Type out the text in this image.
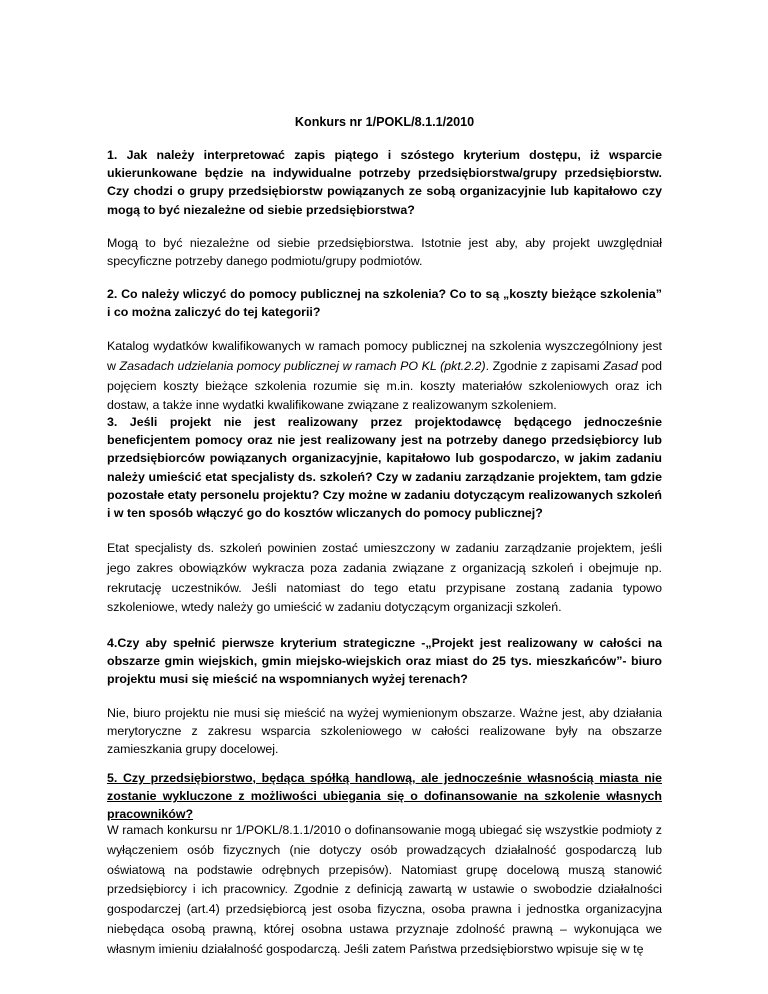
Konkurs nr 1/POKL/8.1.1/2010
1. Jak należy interpretować zapis piątego i szóstego kryterium dostępu, iż wsparcie ukierunkowane będzie na indywidualne potrzeby przedsiębiorstwa/grupy przedsiębiorstw. Czy chodzi o grupy przedsiębiorstw powiązanych ze sobą organizacyjnie lub kapitałowo czy mogą to być niezależne od siebie przedsiębiorstwa?
Mogą to być niezależne od siebie przedsiębiorstwa. Istotnie jest aby, aby projekt uwzględniał specyficzne potrzeby danego podmiotu/grupy podmiotów.
2. Co należy wliczyć do pomocy publicznej na szkolenia? Co to są „koszty bieżące szkolenia” i co można zaliczyć do tej kategorii?
Katalog wydatków kwalifikowanych w ramach pomocy publicznej na szkolenia wyszczególniony jest w Zasadach udzielania pomocy publicznej w ramach PO KL (pkt.2.2). Zgodnie z zapisami Zasad pod pojęciem koszty bieżące szkolenia rozumie się m.in. koszty materiałów szkoleniowych oraz ich dostaw, a także inne wydatki kwalifikowane związane z realizowanym szkoleniem.
3. Jeśli projekt nie jest realizowany przez projektodawcę będącego jednocześnie beneficjentem pomocy oraz nie jest realizowany jest na potrzeby danego przedsiębiorcy lub przedsiębiorców powiązanych organizacyjnie, kapitałowo lub gospodarczo, w jakim zadaniu należy umieścić etat specjalisty ds. szkoleń? Czy w zadaniu zarządzanie projektem, tam gdzie pozostałe etaty personelu projektu? Czy możne w zadaniu dotyczącym realizowanych szkoleń i w ten sposób włączyć go do kosztów wliczanych do pomocy publicznej?
Etat specjalisty ds. szkoleń powinien zostać umieszczony w zadaniu zarządzanie projektem, jeśli jego zakres obowiązków wykracza poza zadania związane z organizacją szkoleń i obejmuje np. rekrutację uczestników. Jeśli natomiast do tego etatu przypisane zostaną zadania typowo szkoleniowe, wtedy należy go umieścić w zadaniu dotyczącym organizacji szkoleń.
4.Czy aby spełnić pierwsze kryterium strategiczne -„Projekt jest realizowany w całości na obszarze gmin wiejskich, gmin miejsko-wiejskich oraz miast do 25 tys. mieszkańców”- biuro projektu musi się mieścić na wspomnianych wyżej terenach?
Nie, biuro projektu nie musi się mieścić na wyżej wymienionym obszarze. Ważne jest, aby działania merytoryczne z zakresu wsparcia szkoleniowego w całości realizowane były na obszarze zamieszkania grupy docelowej.
5. Czy przedsiębiorstwo, będąca spółką handlową, ale jednocześnie własnością miasta nie zostanie wykluczone z możliwości ubiegania się o dofinansowanie na szkolenie własnych pracowników?
W ramach konkursu nr 1/POKL/8.1.1/2010 o dofinansowanie mogą ubiegać się wszystkie podmioty z wyłączeniem osób fizycznych (nie dotyczy osób prowadzących działalność gospodarczą lub oświatową na podstawie odrębnych przepisów). Natomiast grupę docelową muszą stanowić przedsiębiorcy i ich pracownicy. Zgodnie z definicją zawartą w ustawie o swobodzie działalności gospodarczej (art.4) przedsiębiorcą jest osoba fizyczna, osoba prawna i jednostka organizacyjna niebędąca osobą prawną, której osobna ustawa przyznaje zdolność prawną – wykonująca we własnym imieniu działalność gospodarczą. Jeśli zatem Państwa przedsiębiorstwo wpisuje się w tę
